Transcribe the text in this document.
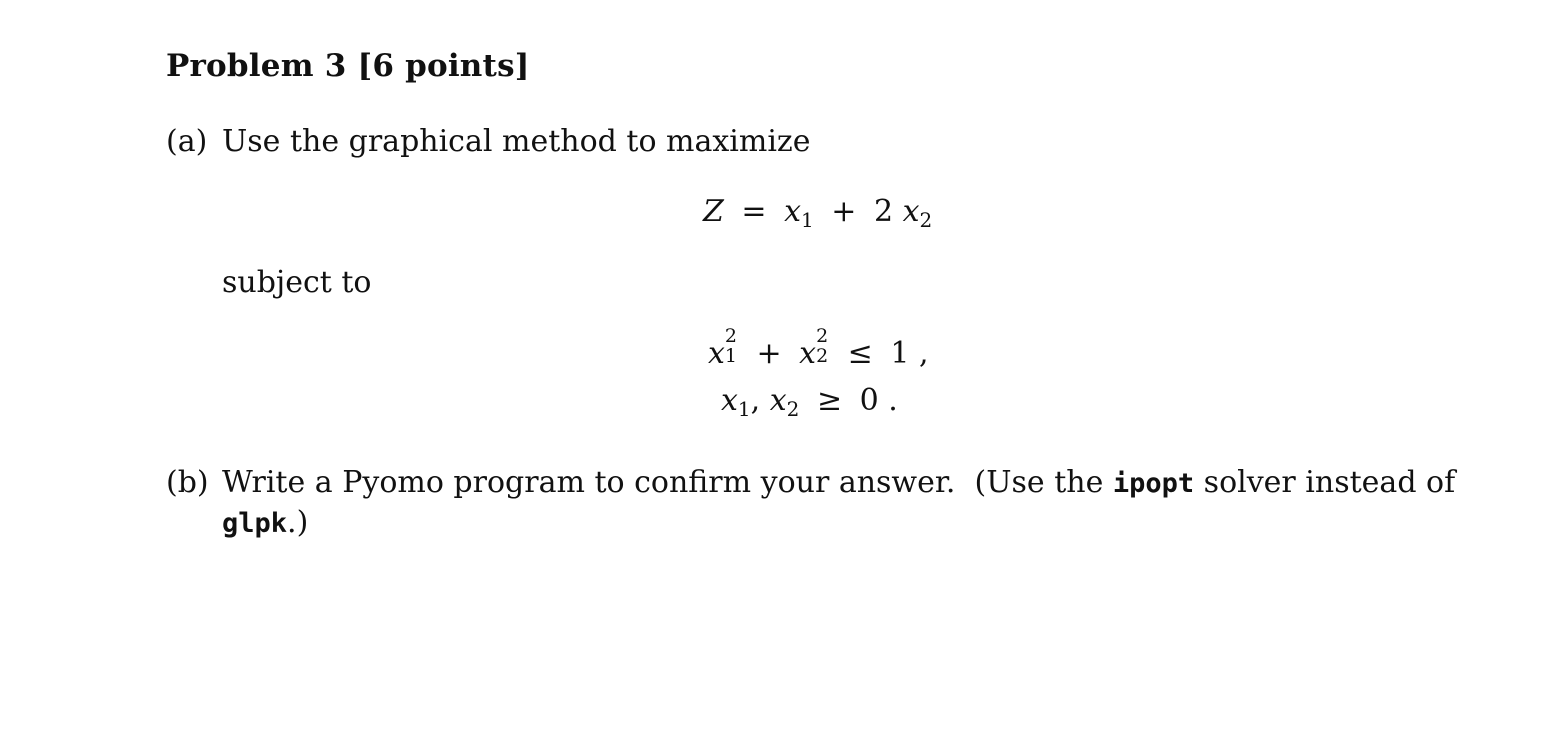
Problem 3 [6 points]
(a) Use the graphical method to maximize
$Z = x_1 + 2$ $x_2$
subject to
x 2
1 + x 2
2 ≤ 1 ,
$x_1$, $x_2 \ge 0$ .
(b) Write a Pyomo program to confirm your answer.  (Use the ipopt solver instead of
glpk.)
